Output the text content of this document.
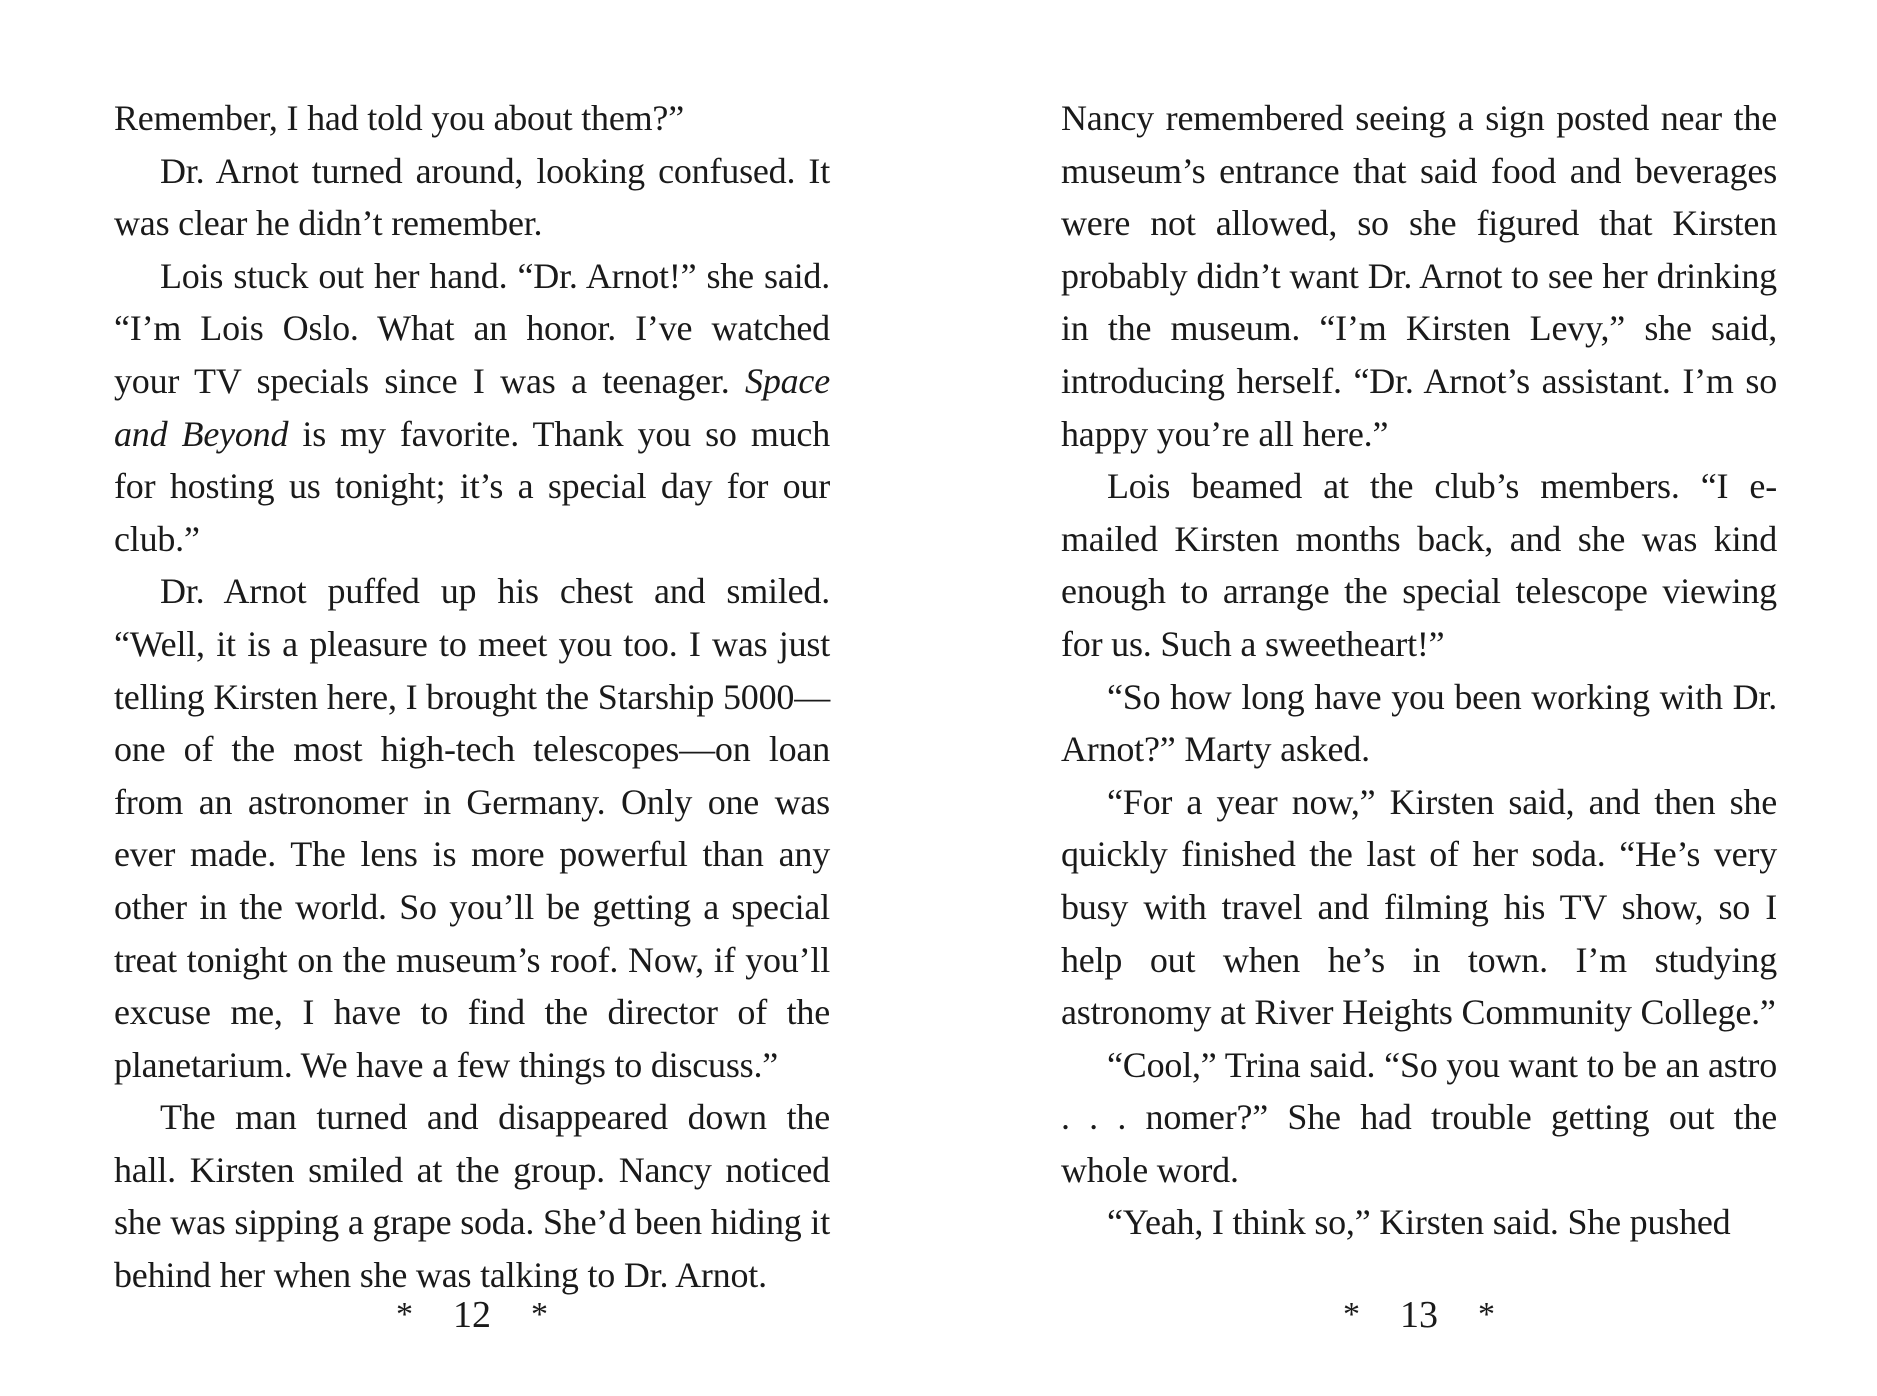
Remember, I had told you about them?”

Dr. Arnot turned around, looking confused. It was clear he didn’t remember.

Lois stuck out her hand. “Dr. Arnot!” she said. “I’m Lois Oslo. What an honor. I’ve watched your TV specials since I was a teenager. Space and Beyond is my favorite. Thank you so much for hosting us tonight; it’s a special day for our club.”

Dr. Arnot puffed up his chest and smiled. “Well, it is a pleasure to meet you too. I was just telling Kirsten here, I brought the Starship 5000—one of the most high-tech telescopes—on loan from an astronomer in Germany. Only one was ever made. The lens is more powerful than any other in the world. So you’ll be getting a special treat tonight on the museum’s roof. Now, if you’ll excuse me, I have to find the director of the planetarium. We have a few things to discuss.”

The man turned and disappeared down the hall. Kirsten smiled at the group. Nancy noticed she was sipping a grape soda. She’d been hiding it behind her when she was talking to Dr. Arnot.

* 12 *

Nancy remembered seeing a sign posted near the museum’s entrance that said food and beverages were not allowed, so she figured that Kirsten probably didn’t want Dr. Arnot to see her drinking in the museum. “I’m Kirsten Levy,” she said, introducing herself. “Dr. Arnot’s assistant. I’m so happy you’re all here.”

Lois beamed at the club’s members. “I e-mailed Kirsten months back, and she was kind enough to arrange the special telescope viewing for us. Such a sweetheart!”

“So how long have you been working with Dr. Arnot?” Marty asked.

“For a year now,” Kirsten said, and then she quickly finished the last of her soda. “He’s very busy with travel and filming his TV show, so I help out when he’s in town. I’m studying astronomy at River Heights Community College.”

“Cool,” Trina said. “So you want to be an astro . . . nomer?” She had trouble getting out the whole word.

“Yeah, I think so,” Kirsten said. She pushed

* 13 *
